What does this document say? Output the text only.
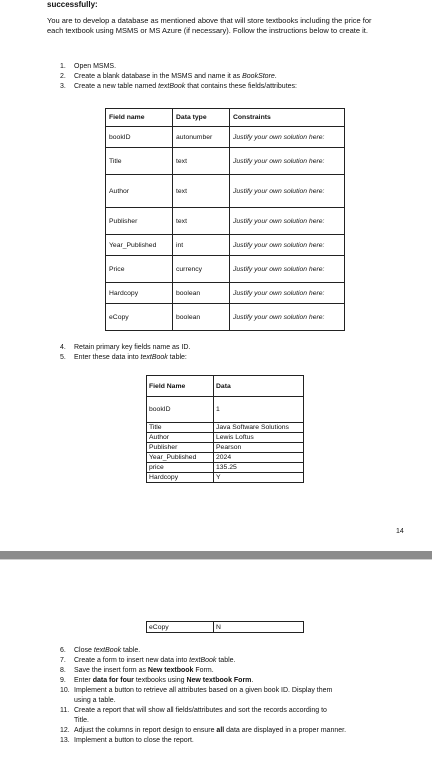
successfully:
You are to develop a database as mentioned above that will store textbooks including the price for each textbook using MSMS or MS Azure (if necessary). Follow the instructions below to create it.
1. Open MSMS.
2. Create a blank database in the MSMS and name it as BookStore.
3. Create a new table named textBook that contains these fields/attributes:
Field name	Data type	Constraints
bookID	autonumber	Justify your own solution here:
Title	text	Justify your own solution here:
Author	text	Justify your own solution here:
Publisher	text	Justify your own solution here:
Year_Published	int	Justify your own solution here:
Price	currency	Justify your own solution here:
Hardcopy	boolean	Justify your own solution here:
eCopy	boolean	Justify your own solution here:
4. Retain primary key fields name as ID.
5. Enter these data into textBook table:
Field Name	Data
bookID	1
Title	Java Software Solutions
Author	Lewis Loftus
Publisher	Pearson
Year_Published	2024
price	135.25
Hardcopy	Y
14
eCopy	N
6. Close textBook table.
7. Create a form to insert new data into textBook table.
8. Save the insert form as New textbook Form.
9. Enter data for four textbooks using New textbook Form.
10. Implement a button to retrieve all attributes based on a given book ID. Display them
using a table.
11. Create a report that will show all fields/attributes and sort the records according to
Title.
12. Adjust the columns in report design to ensure all data are displayed in a proper manner.
13. Implement a button to close the report.
